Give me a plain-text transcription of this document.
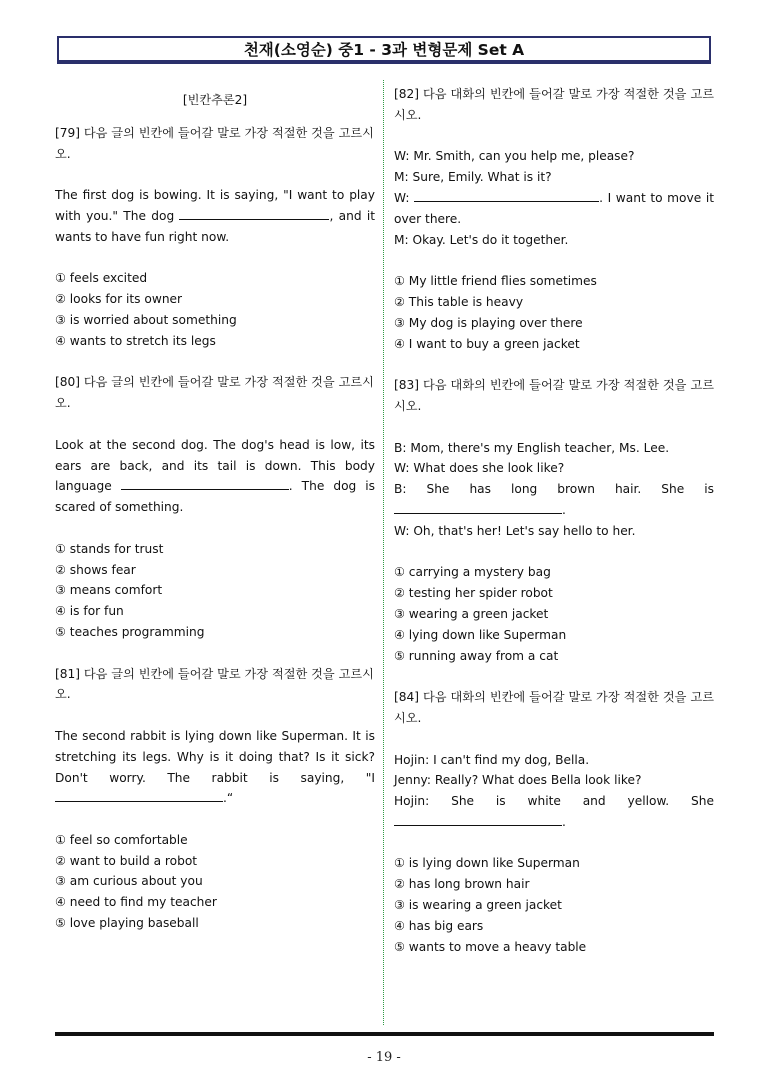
천재(소영순) 중1 - 3과 변형문제 Set A

[빈칸추론2]

[79] 다음 글의 빈칸에 들어갈 말로 가장 적절한 것을 고르시오.

The first dog is bowing. It is saying, "I want to play with you." The dog	, and it wants to have fun right now.

① feels excited

② looks for its owner

③ is worried about something

④ wants to stretch its legs

[80] 다음 글의 빈칸에 들어갈 말로 가장 적절한 것을 고르시오.

Look at the second dog. The dog's head is low, its ears are back, and its tail is down. This body language	. The dog is scared of something.

① stands for trust

② shows fear

③ means comfort

④ is for fun

⑤ teaches programming

[81] 다음 글의 빈칸에 들어갈 말로 가장 적절한 것을 고르시오.

The second rabbit is lying down like Superman. It is stretching its legs. Why is it doing that? Is it sick? Don't worry. The rabbit is saying, "I .“

① feel so comfortable

② want to build a robot

③ am curious about you

④ need to find my teacher

⑤ love playing baseball

[82] 다음 대화의 빈칸에 들어갈 말로 가장 적절한 것을 고르시오.

W: Mr. Smith, can you help me, please?

M: Sure, Emily. What is it?

W:	. I want to move it over there.

M: Okay. Let's do it together.

① My little friend flies sometimes

② This table is heavy

③ My dog is playing over there

④ I want to buy a green jacket

[83] 다음 대화의 빈칸에 들어갈 말로 가장 적절한 것을 고르시오.

B: Mom, there's my English teacher, Ms. Lee.

W: What does she look like?

B: She has long brown hair. She is .

W: Oh, that's her! Let's say hello to her.

① carrying a mystery bag

② testing her spider robot

③ wearing a green jacket

④ lying down like Superman

⑤ running away from a cat

[84] 다음 대화의 빈칸에 들어갈 말로 가장 적절한 것을 고르시오.

Hojin: I can't find my dog, Bella.

Jenny: Really? What does Bella look like?

Hojin: She is white and yellow. She .

① is lying down like Superman

② has long brown hair

③ is wearing a green jacket

④ has big ears

⑤ wants to move a heavy table

- 19 -
